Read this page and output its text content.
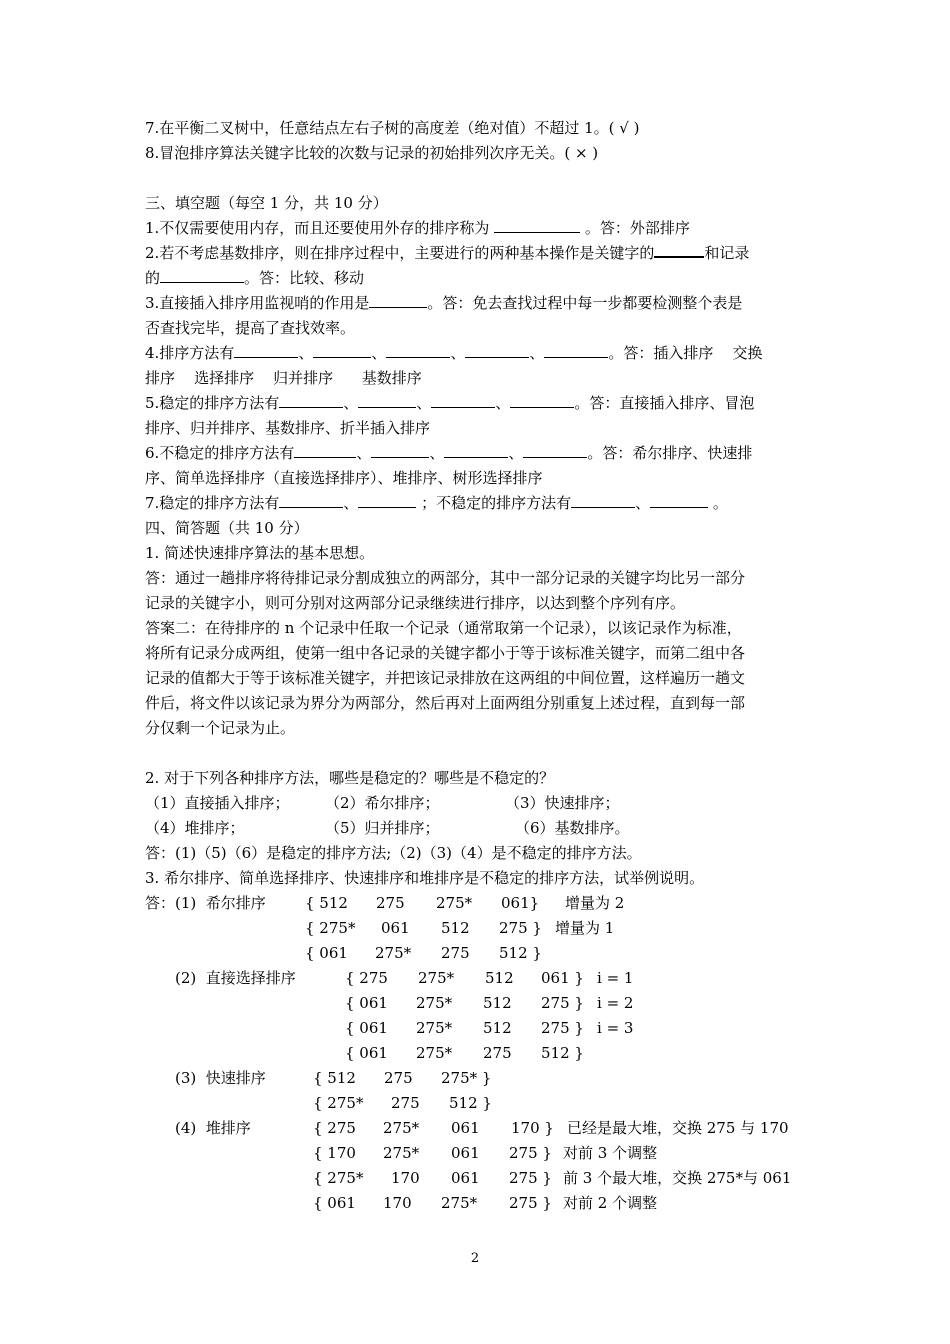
7.在平衡二叉树中，任意结点左右子树的高度差（绝对值）不超过 1。( √ )
8.冒泡排序算法关键字比较的次数与记录的初始排列次序无关。( × )
三、填空题（每空 1 分，共 10 分）
1.不仅需要使用内存，而且还要使用外存的排序称为	。答：外部排序
2.若不考虑基数排序，则在排序过程中，主要进行的两种基本操作是关键字的	和记录
的	。答：比较、移动
3.直接插入排序用监视哨的作用是	。答：免去查找过程中每一步都要检测整个表是
否查找完毕，提高了查找效率。
4.排序方法有	、	、	、	、	。答：插入排序    交换
排序    选择排序    归并排序      基数排序
5.稳定的排序方法有	、	、	、	。答：直接插入排序、冒泡
排序、归并排序、基数排序、折半插入排序
6.不稳定的排序方法有	、	、	、	。答：希尔排序、快速排
序、简单选择排序（直接选择排序）、堆排序、树形选择排序
7.稳定的排序方法有	、	；不稳定的排序方法有	、	。
四、简答题（共 10 分）
1. 简述快速排序算法的基本思想。
答：通过一趟排序将待排记录分割成独立的两部分，其中一部分记录的关键字均比另一部分
记录的关键字小，则可分别对这两部分记录继续进行排序，以达到整个序列有序。
答案二：在待排序的 n 个记录中任取一个记录（通常取第一个记录），以该记录作为标准，
将所有记录分成两组，使第一组中各记录的关键字都小于等于该标准关键字，而第二组中各
记录的值都大于等于该标准关键字，并把该记录排放在这两组的中间位置，这样遍历一趟文
件后，将文件以该记录为界分为两部分，然后再对上面两组分别重复上述过程，直到每一部
分仅剩一个记录为止。
2. 对于下列各种排序方法，哪些是稳定的？哪些是不稳定的？
（1）直接插入排序； （2）希尔排序；	（3）快速排序；
（4）堆排序；	（5）归并排序；	（6）基数排序。
答：(1)（5)（6）是稳定的排序方法;（2)（3)（4）是不稳定的排序方法。
3. 希尔排序、简单选择排序、快速排序和堆排序是不稳定的排序方法，试举例说明。
答： (1)  希尔排序	{ 512 275 275* 061} 增量为 2
{ 275* 061 512 275 } 增量为 1
{ 061 275* 275 512 }
(2)  直接选择排序	{ 275 275* 512 061 } i = 1
{ 061 275* 512 275 } i = 2
{ 061 275* 512 275 } i = 3
{ 061 275* 275 512 }
(3)  快速排序	{ 512 275 275* }
{ 275* 275 512 }
(4)  堆排序	{ 275 275* 061 170 } 已经是最大堆，交换 275 与 170
{ 170 275* 061 275 } 对前 3 个调整
{ 275* 170 061 275 } 前 3 个最大堆，交换 275*与 061
{ 061 170 275* 275 } 对前 2 个调整
2
